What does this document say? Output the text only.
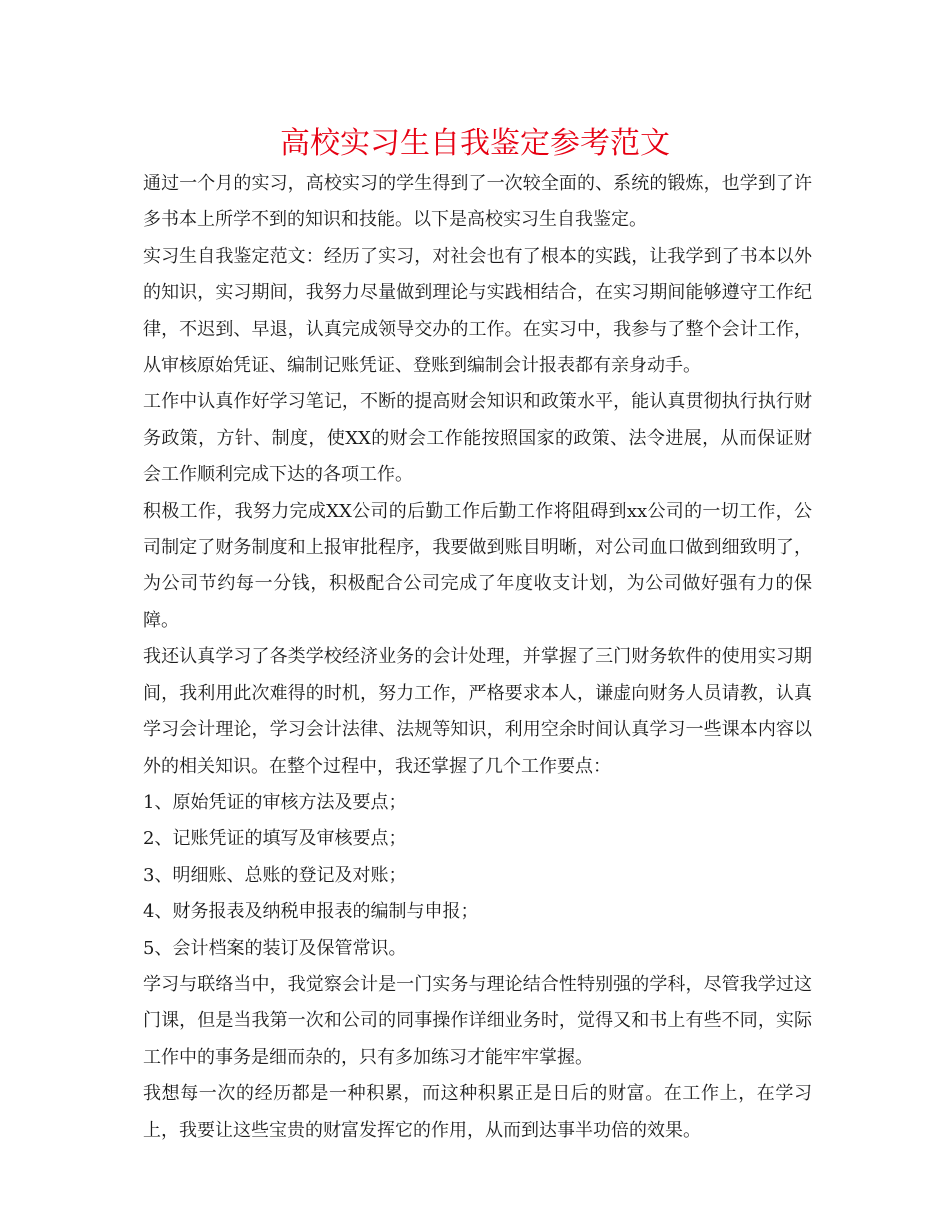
高校实习生自我鉴定参考范文

通过一个月的实习，高校实习的学生得到了一次较全面的、系统的锻炼，也学到了许多书本上所学不到的知识和技能。以下是高校实习生自我鉴定。

实习生自我鉴定范文：经历了实习，对社会也有了根本的实践，让我学到了书本以外的知识，实习期间，我努力尽量做到理论与实践相结合，在实习期间能够遵守工作纪律，不迟到、早退，认真完成领导交办的工作。在实习中，我参与了整个会计工作，从审核原始凭证、编制记账凭证、登账到编制会计报表都有亲身动手。

工作中认真作好学习笔记，不断的提高财会知识和政策水平，能认真贯彻执行执行财务政策，方针、制度，使XX的财会工作能按照国家的政策、法令进展，从而保证财会工作顺利完成下达的各项工作。

积极工作，我努力完成XX公司的后勤工作后勤工作将阻碍到xx公司的一切工作，公司制定了财务制度和上报审批程序，我要做到账目明晰，对公司血口做到细致明了，为公司节约每一分钱，积极配合公司完成了年度收支计划，为公司做好强有力的保障。

我还认真学习了各类学校经济业务的会计处理，并掌握了三门财务软件的使用实习期间，我利用此次难得的时机，努力工作，严格要求本人，谦虚向财务人员请教，认真学习会计理论，学习会计法律、法规等知识，利用空余时间认真学习一些课本内容以外的相关知识。在整个过程中，我还掌握了几个工作要点：

1、原始凭证的审核方法及要点；

2、记账凭证的填写及审核要点；

3、明细账、总账的登记及对账；

4、财务报表及纳税申报表的编制与申报；

5、会计档案的装订及保管常识。

学习与联络当中，我觉察会计是一门实务与理论结合性特别强的学科，尽管我学过这门课，但是当我第一次和公司的同事操作详细业务时，觉得又和书上有些不同，实际工作中的事务是细而杂的，只有多加练习才能牢牢掌握。

我想每一次的经历都是一种积累，而这种积累正是日后的财富。在工作上，在学习上，我要让这些宝贵的财富发挥它的作用，从而到达事半功倍的效果。
